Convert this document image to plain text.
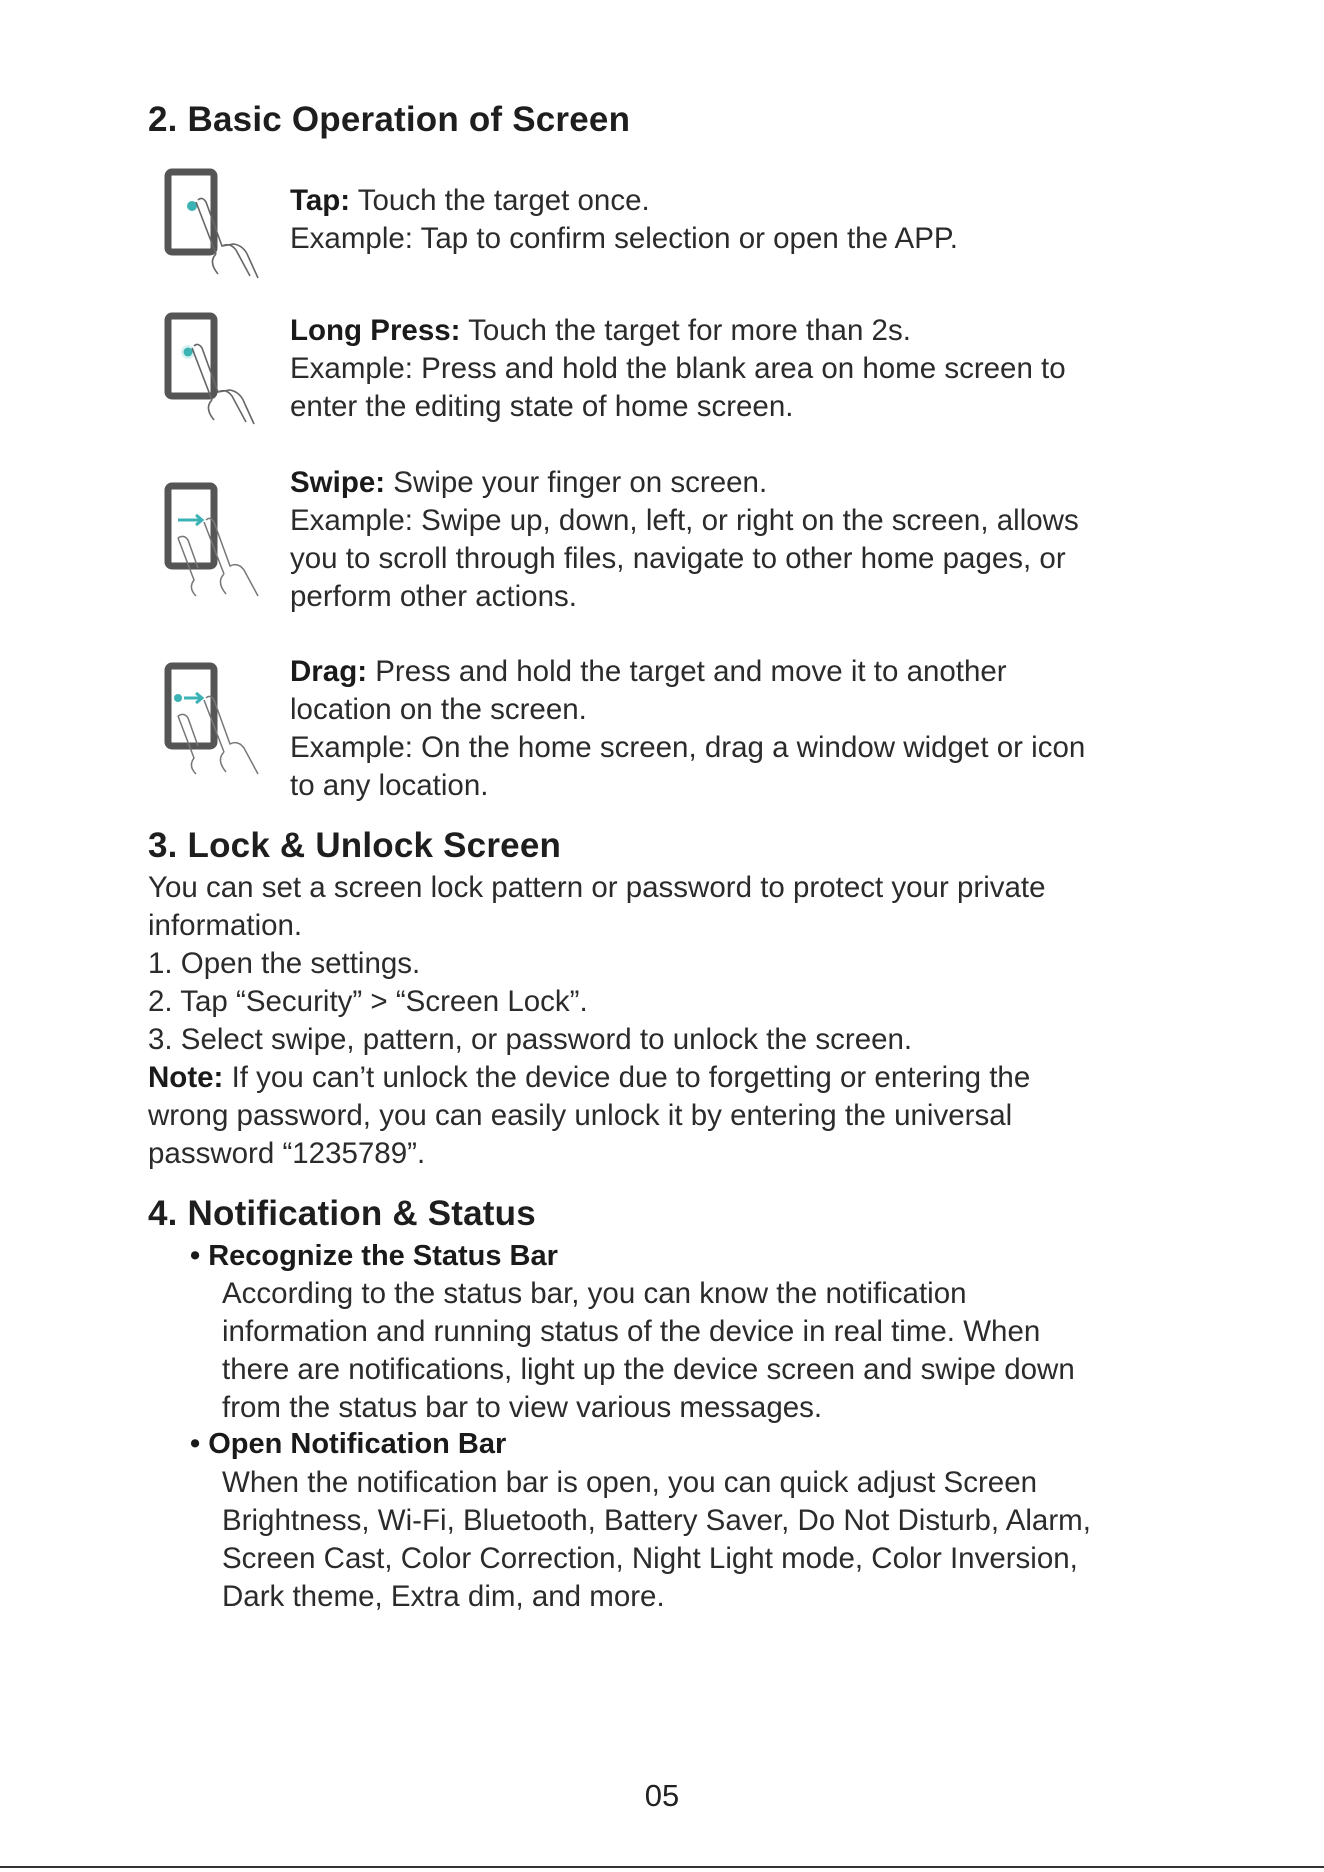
2. Basic Operation of Screen
Tap: Touch the target once.
Example: Tap to confirm selection or open the APP.
Long Press: Touch the target for more than 2s.
Example: Press and hold the blank area on home screen to
enter the editing state of home screen.
Swipe: Swipe your finger on screen.
Example: Swipe up, down, left, or right on the screen, allows
you to scroll through files, navigate to other home pages, or
perform other actions.
Drag: Press and hold the target and move it to another
location on the screen.
Example: On the home screen, drag a window widget or icon
to any location.
3. Lock & Unlock Screen
You can set a screen lock pattern or password to protect your private
information.
1. Open the settings.
2. Tap “Security” > “Screen Lock”.
3. Select swipe, pattern, or password to unlock the screen.
Note: If you can’t unlock the device due to forgetting or entering the
wrong password, you can easily unlock it by entering the universal
password “1235789”.
4. Notification & Status
• Recognize the Status Bar
According to the status bar, you can know the notification
information and running status of the device in real time. When
there are notifications, light up the device screen and swipe down
from the status bar to view various messages.
• Open Notification Bar
When the notification bar is open, you can quick adjust Screen
Brightness, Wi-Fi, Bluetooth, Battery Saver, Do Not Disturb, Alarm,
Screen Cast, Color Correction, Night Light mode, Color Inversion,
Dark theme, Extra dim, and more.
05
